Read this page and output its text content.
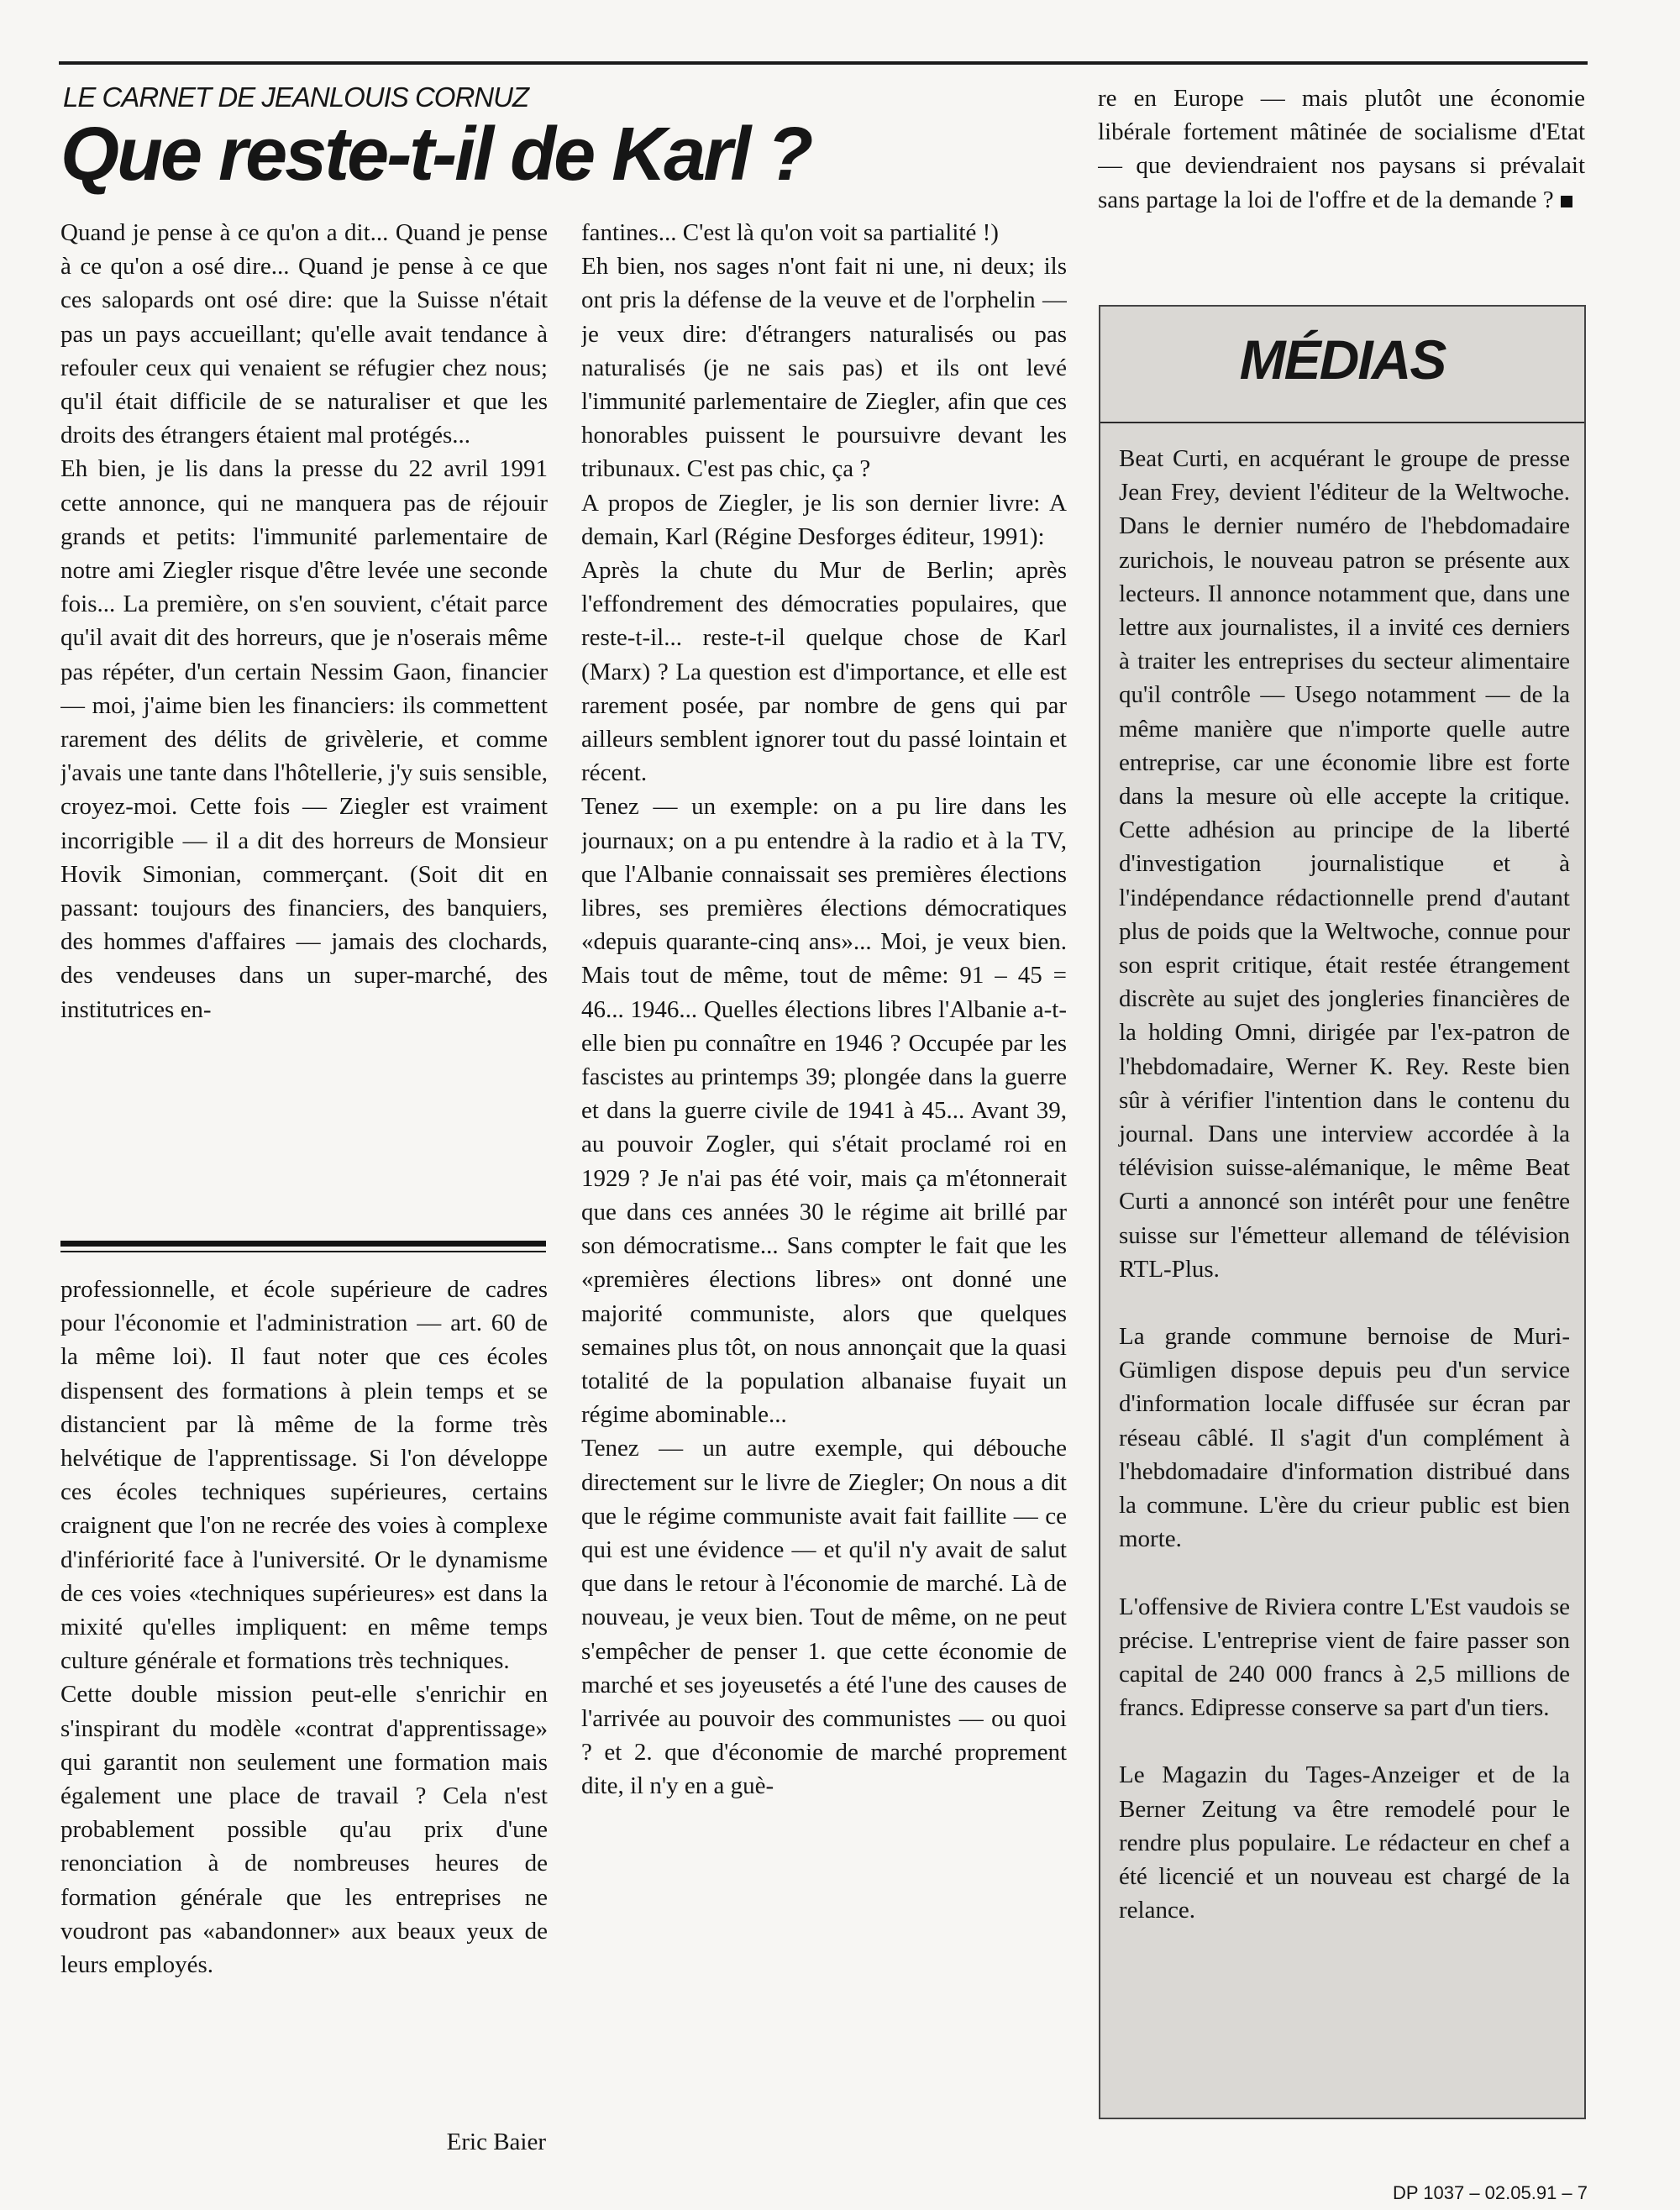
LE CARNET DE JEANLOUIS CORNUZ
Que reste-t-il de Karl ?

Quand je pense à ce qu'on a dit... Quand je pense à ce qu'on a osé dire... Quand je pense à ce que ces salopards ont osé dire: que la Suisse n'était pas un pays accueillant; qu'elle avait tendance à refouler ceux qui venaient se réfugier chez nous; qu'il était difficile de se naturaliser et que les droits des étrangers étaient mal protégés...

Eh bien, je lis dans la presse du 22 avril 1991 cette annonce, qui ne manquera pas de réjouir grands et petits: l'immunité parlementaire de notre ami Ziegler risque d'être levée une seconde fois... La première, on s'en souvient, c'était parce qu'il avait dit des horreurs, que je n'oserais même pas répéter, d'un certain Nessim Gaon, financier — moi, j'aime bien les financiers: ils commettent rarement des délits de grivèlerie, et comme j'avais une tante dans l'hôtellerie, j'y suis sensible, croyez-moi. Cette fois — Ziegler est vraiment incorrigible — il a dit des horreurs de Monsieur Hovik Simonian, commerçant. (Soit dit en passant: toujours des financiers, des banquiers, des hommes d'affaires — jamais des clochards, des vendeuses dans un super-marché, des institutrices en-

professionnelle, et école supérieure de cadres pour l'économie et l'administration — art. 60 de la même loi). Il faut noter que ces écoles dispensent des formations à plein temps et se distancient par là même de la forme très helvétique de l'apprentissage. Si l'on développe ces écoles techniques supérieures, certains craignent que l'on ne recrée des voies à complexe d'infériorité face à l'université. Or le dynamisme de ces voies «techniques supérieures» est dans la mixité qu'elles impliquent: en même temps culture générale et formations très techniques.

Cette double mission peut-elle s'enrichir en s'inspirant du modèle «contrat d'apprentissage» qui garantit non seulement une formation mais également une place de travail ? Cela n'est probablement possible qu'au prix d'une renonciation à de nombreuses heures de formation générale que les entreprises ne voudront pas «abandonner» aux beaux yeux de leurs employés.

Eric Baier

fantines... C'est là qu'on voit sa partialité !)

Eh bien, nos sages n'ont fait ni une, ni deux; ils ont pris la défense de la veuve et de l'orphelin — je veux dire: d'étrangers naturalisés ou pas naturalisés (je ne sais pas) et ils ont levé l'immunité parlementaire de Ziegler, afin que ces honorables puissent le poursuivre devant les tribunaux. C'est pas chic, ça ?

A propos de Ziegler, je lis son dernier livre: A demain, Karl (Régine Desforges éditeur, 1991):

Après la chute du Mur de Berlin; après l'effondrement des démocraties populaires, que reste-t-il... reste-t-il quelque chose de Karl (Marx) ? La question est d'importance, et elle est rarement posée, par nombre de gens qui par ailleurs semblent ignorer tout du passé lointain et récent.

Tenez — un exemple: on a pu lire dans les journaux; on a pu entendre à la radio et à la TV, que l'Albanie connaissait ses premières élections libres, ses premières élections démocratiques «depuis quarante-cinq ans»... Moi, je veux bien. Mais tout de même, tout de même: 91 – 45 = 46... 1946... Quelles élections libres l'Albanie a-t-elle bien pu connaître en 1946 ? Occupée par les fascistes au printemps 39; plongée dans la guerre et dans la guerre civile de 1941 à 45... Avant 39, au pouvoir Zogler, qui s'était proclamé roi en 1929 ? Je n'ai pas été voir, mais ça m'étonnerait que dans ces années 30 le régime ait brillé par son démocratisme... Sans compter le fait que les «premières élections libres» ont donné une majorité communiste, alors que quelques semaines plus tôt, on nous annonçait que la quasi totalité de la population albanaise fuyait un régime abominable...

Tenez — un autre exemple, qui débouche directement sur le livre de Ziegler; On nous a dit que le régime communiste avait fait faillite — ce qui est une évidence — et qu'il n'y avait de salut que dans le retour à l'économie de marché. Là de nouveau, je veux bien. Tout de même, on ne peut s'empêcher de penser 1. que cette économie de marché et ses joyeusetés a été l'une des causes de l'arrivée au pouvoir des communistes — ou quoi ? et 2. que d'économie de marché proprement dite, il n'y en a guè-

re en Europe — mais plutôt une économie libérale fortement mâtinée de socialisme d'Etat — que deviendraient nos paysans si prévalait sans partage la loi de l'offre et de la demande ?

MÉDIAS

Beat Curti, en acquérant le groupe de presse Jean Frey, devient l'éditeur de la Weltwoche. Dans le dernier numéro de l'hebdomadaire zurichois, le nouveau patron se présente aux lecteurs. Il annonce notamment que, dans une lettre aux journalistes, il a invité ces derniers à traiter les entreprises du secteur alimentaire qu'il contrôle — Usego notamment — de la même manière que n'importe quelle autre entreprise, car une économie libre est forte dans la mesure où elle accepte la critique. Cette adhésion au principe de la liberté d'investigation journalistique et à l'indépendance rédactionnelle prend d'autant plus de poids que la Weltwoche, connue pour son esprit critique, était restée étrangement discrète au sujet des jongleries financières de la holding Omni, dirigée par l'ex-patron de l'hebdomadaire, Werner K. Rey. Reste bien sûr à vérifier l'intention dans le contenu du journal. Dans une interview accordée à la télévision suisse-alémanique, le même Beat Curti a annoncé son intérêt pour une fenêtre suisse sur l'émetteur allemand de télévision RTL-Plus.

La grande commune bernoise de Muri-Gümligen dispose depuis peu d'un service d'information locale diffusée sur écran par réseau câblé. Il s'agit d'un complément à l'hebdomadaire d'information distribué dans la commune. L'ère du crieur public est bien morte.

L'offensive de Riviera contre L'Est vaudois se précise. L'entreprise vient de faire passer son capital de 240 000 francs à 2,5 millions de francs. Edipresse conserve sa part d'un tiers.

Le Magazin du Tages-Anzeiger et de la Berner Zeitung va être remodelé pour le rendre plus populaire. Le rédacteur en chef a été licencié et un nouveau est chargé de la relance.

DP 1037 – 02.05.91 – 7
